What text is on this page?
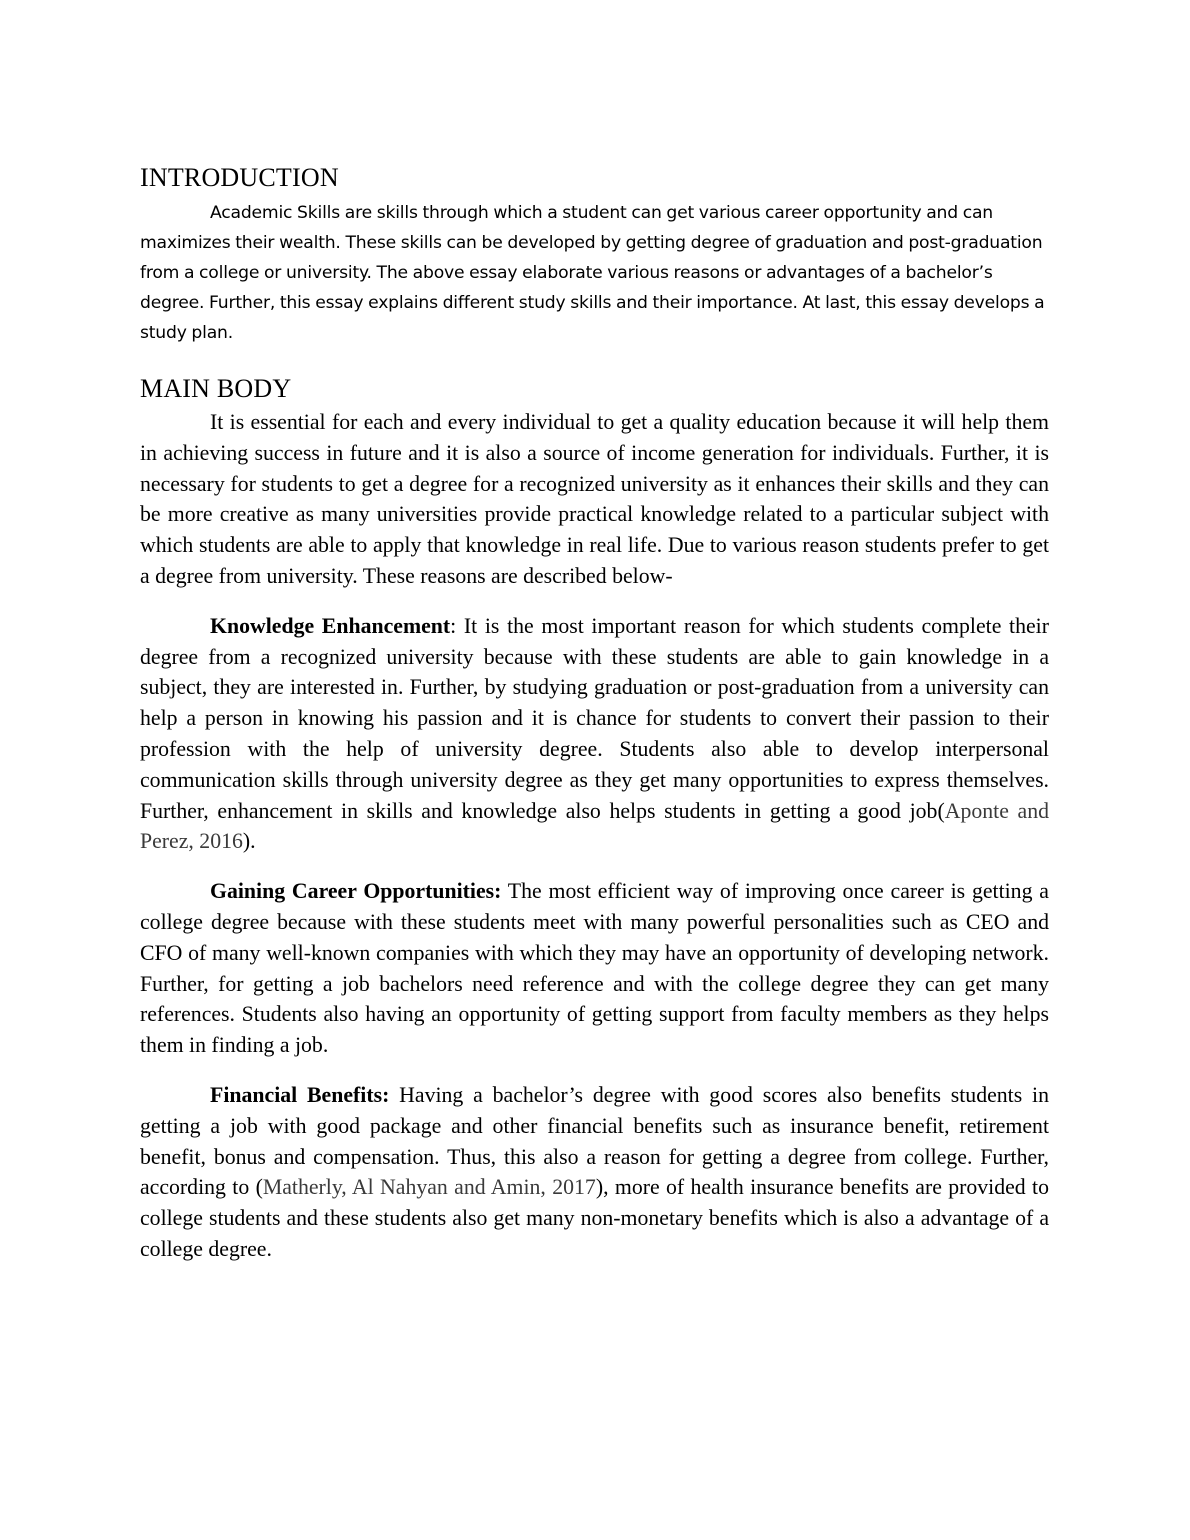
INTRODUCTION

Academic Skills are skills through which a student can get various career opportunity and can maximizes their wealth. These skills can be developed by getting degree of graduation and post-graduation from a college or university. The above essay elaborate various reasons or advantages of a bachelor’s degree. Further, this essay explains different study skills and their importance. At last, this essay develops a study plan.

MAIN BODY

It is essential for each and every individual to get a quality education because it will help them in achieving success in future and it is also a source of income generation for individuals. Further, it is necessary for students to get a degree for a recognized university as it enhances their skills and they can be more creative as many universities provide practical knowledge related to a particular subject with which students are able to apply that knowledge in real life. Due to various reason students prefer to get a degree from university. These reasons are described below-

Knowledge Enhancement: It is the most important reason for which students complete their degree from a recognized university because with these students are able to gain knowledge in a subject, they are interested in. Further, by studying graduation or post-graduation from a university can help a person in knowing his passion and it is chance for students to convert their passion to their profession with the help of university degree. Students also able to develop interpersonal communication skills through university degree as they get many opportunities to express themselves. Further, enhancement in skills and knowledge also helps students in getting a good job(Aponte and Perez, 2016).

Gaining Career Opportunities: The most efficient way of improving once career is getting a college degree because with these students meet with many powerful personalities such as CEO and CFO of many well-known companies with which they may have an opportunity of developing network. Further, for getting a job bachelors need reference and with the college degree they can get many references. Students also having an opportunity of getting support from faculty members as they helps them in finding a job.

Financial Benefits: Having a bachelor’s degree with good scores also benefits students in getting a job with good package and other financial benefits such as insurance benefit, retirement benefit, bonus and compensation. Thus, this also a reason for getting a degree from college. Further, according to (Matherly, Al Nahyan and Amin, 2017), more of health insurance benefits are provided to college students and these students also get many non-monetary benefits which is also a advantage of a college degree.
